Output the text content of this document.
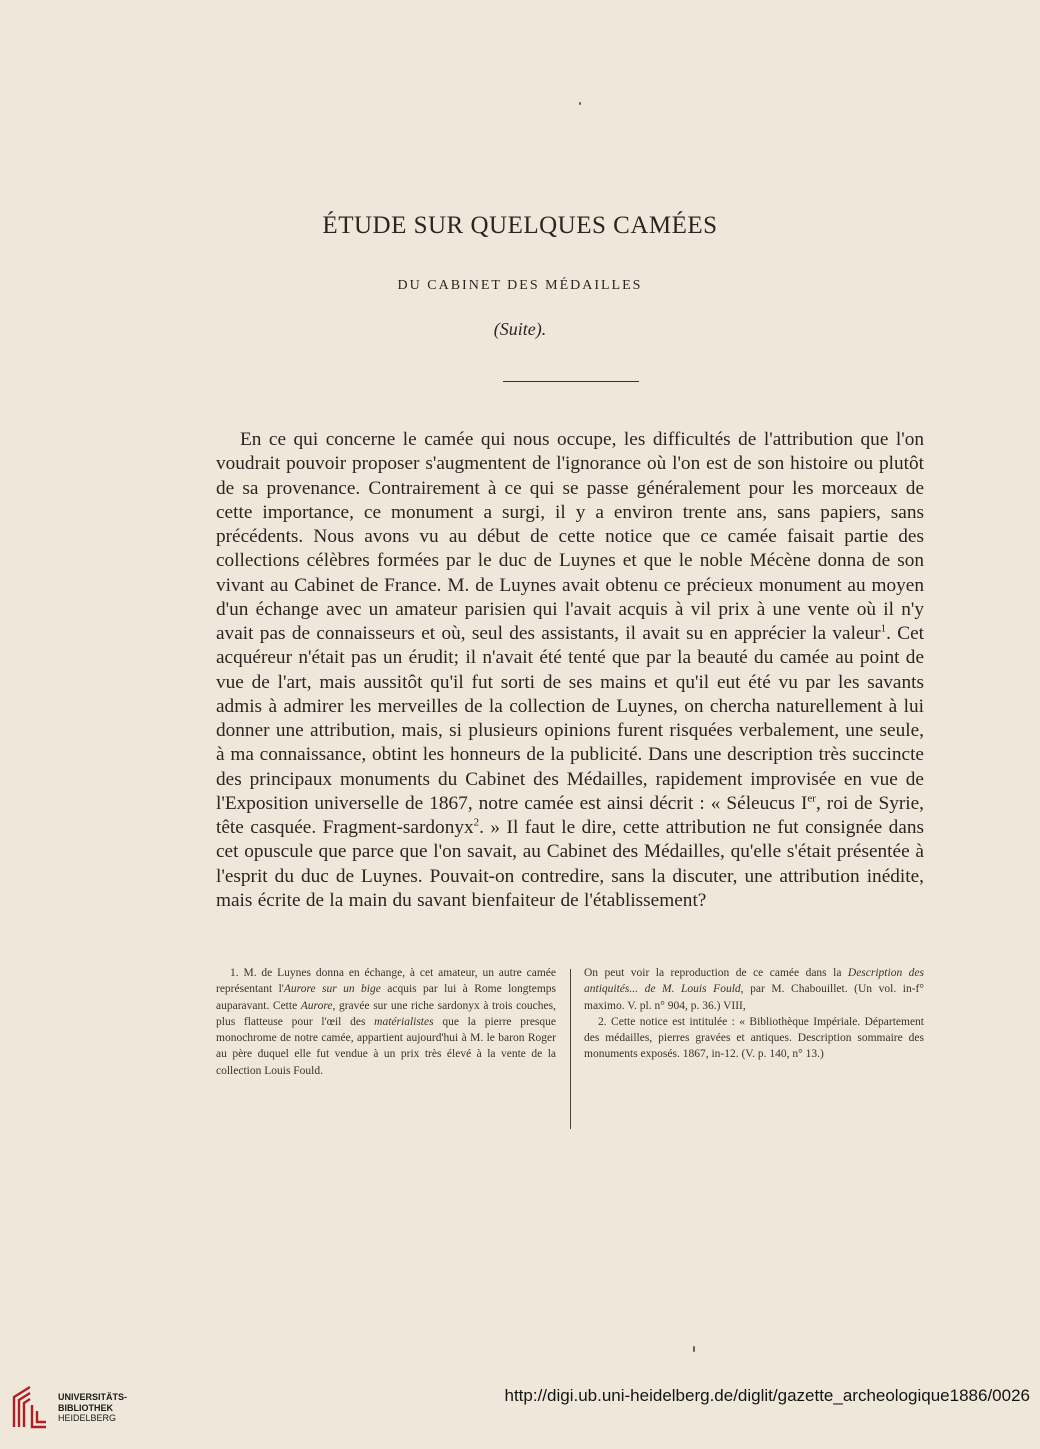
ÉTUDE SUR QUELQUES CAMÉES
DU CABINET DES MÉDAILLES
(Suite).

En ce qui concerne le camée qui nous occupe, les difficultés de l'attribution que l'on voudrait pouvoir proposer s'augmentent de l'ignorance où l'on est de son histoire ou plutôt de sa provenance. Contrairement à ce qui se passe généralement pour les morceaux de cette importance, ce monument a surgi, il y a environ trente ans, sans papiers, sans précédents. Nous avons vu au début de cette notice que ce camée faisait partie des collections célèbres formées par le duc de Luynes et que le noble Mécène donna de son vivant au Cabinet de France. M. de Luynes avait obtenu ce précieux monument au moyen d'un échange avec un amateur parisien qui l'avait acquis à vil prix à une vente où il n'y avait pas de connaisseurs et où, seul des assistants, il avait su en apprécier la valeur$^1$. Cet acquéreur n'était pas un érudit; il n'avait été tenté que par la beauté du camée au point de vue de l'art, mais aussitôt qu'il fut sorti de ses mains et qu'il eut été vu par les savants admis à admirer les merveilles de la collection de Luynes, on chercha naturellement à lui donner une attribution, mais, si plusieurs opinions furent risquées verbalement, une seule, à ma connaissance, obtint les honneurs de la publicité. Dans une description très succincte des principaux monuments du Cabinet des Médailles, rapidement improvisée en vue de l'Exposition universelle de 1867, notre camée est ainsi décrit : « Séleucus Ier, roi de Syrie, tête casquée. Fragment-sardonyx$^2$. » Il faut le dire, cette attribution ne fut consignée dans cet opuscule que parce que l'on savait, au Cabinet des Médailles, qu'elle s'était présentée à l'esprit du duc de Luynes. Pouvait-on contredire, sans la discuter, une attribution inédite, mais écrite de la main du savant bienfaiteur de l'établissement?

1. M. de Luynes donna en échange, à cet amateur, un autre camée représentant l'Aurore sur un bige acquis par lui à Rome longtemps auparavant. Cette Aurore, gravée sur une riche sardonyx à trois couches, plus flatteuse pour l'œil des matérialistes que la pierre presque monochrome de notre camée, appartient aujourd'hui à M. le baron Roger au père duquel elle fut vendue à un prix très élevé à la vente de la collection Louis Fould.

On peut voir la reproduction de ce camée dans la Description des antiquités... de M. Louis Fould, par M. Chabouillet. (Un vol. in-f° maximo. V. pl. n° 904, p. 36.) VIII,

2. Cette notice est intitulée : « Bibliothèque Impériale. Département des médailles, pierres gravées et antiques. Description sommaire des monuments exposés. 1867, in-12. (V. p. 140, n° 13.)

UNIVERSITÄTS-
BIBLIOTHEK
HEIDELBERG
http://digi.ub.uni-heidelberg.de/diglit/gazette_archeologique1886/0026
